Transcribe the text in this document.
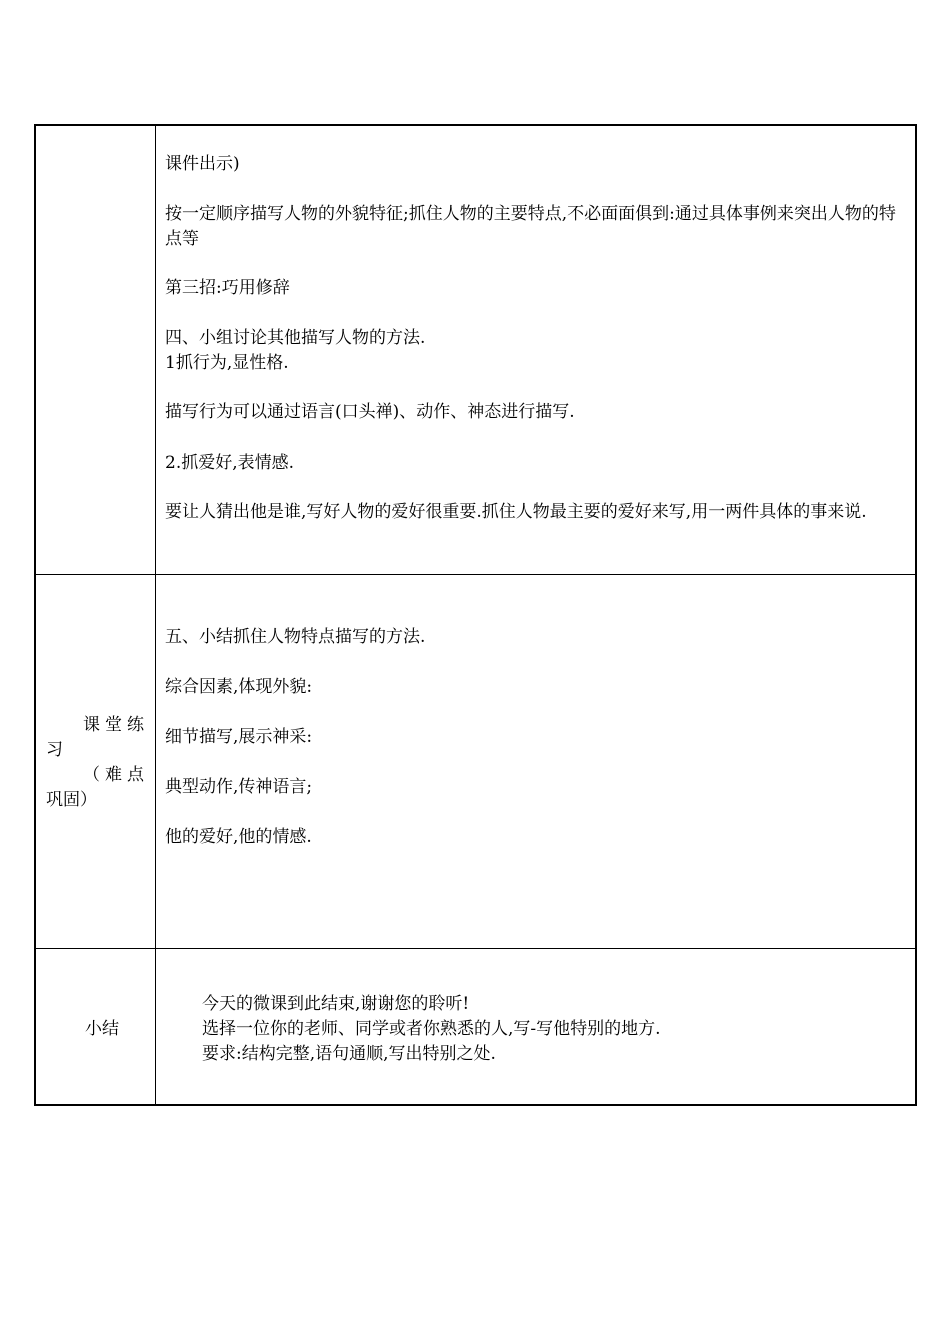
课件出示)
按一定顺序描写人物的外貌特征;抓住人物的主要特点,不必面面俱到:通过具体事例来突出人物的特点等
第三招:巧用修辞
四、小组讨论其他描写人物的方法.
1抓行为,显性格.
描写行为可以通过语言(口头禅)、动作、神态进行描写.
2.抓爱好,表情感.
要让人猜出他是谁,写好人物的爱好很重要.抓住人物最主要的爱好来写,用一两件具体的事来说.
课堂练
习
（难点
巩固）
五、小结抓住人物特点描写的方法.
综合因素,体现外貌:
细节描写,展示神采:
典型动作,传神语言;
他的爱好,他的情感.
小结
今天的微课到此结束,谢谢您的聆听!
选择一位你的老师、同学或者你熟悉的人,写-写他特别的地方.
要求:结构完整,语句通顺,写出特别之处.
